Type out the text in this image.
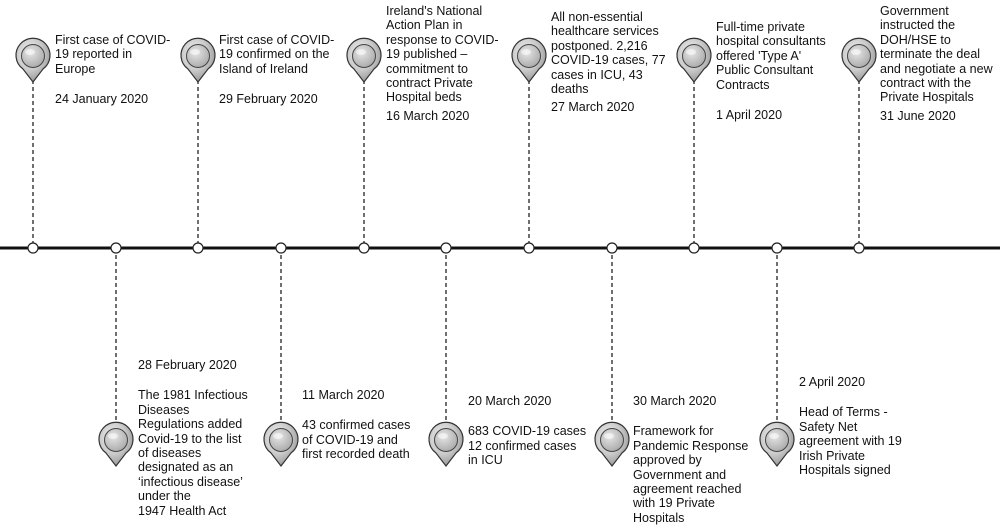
First case of COVID-
19 reported in
Europe
24 January 2020
28 February 2020
The 1981 Infectious
Diseases
Regulations added
Covid-19 to the list
of diseases
designated as an
‘infectious disease’
under the
1947 Health Act
First case of COVID-
19 confirmed on the
Island of Ireland
29 February 2020
11 March 2020
43 confirmed cases
of COVID-19 and
first recorded death
Ireland's National
Action Plan in
response to COVID-
19 published –
commitment to
contract Private
Hospital beds
16 March 2020
20 March 2020
683 COVID-19 cases
12 confirmed cases
in ICU
All non-essential
healthcare services
postponed. 2,216
COVID-19 cases, 77
cases in ICU, 43
deaths
27 March 2020
30 March 2020
Framework for
Pandemic Response
approved by
Government and
agreement reached
with 19 Private
Hospitals
Full-time private
hospital consultants
offered 'Type A'
Public Consultant
Contracts
1 April 2020
2 April 2020
Head of Terms -
Safety Net
agreement with 19
Irish Private
Hospitals signed
Government
instructed the
DOH/HSE to
terminate the deal
and negotiate a new
contract with the
Private Hospitals
31 June 2020
